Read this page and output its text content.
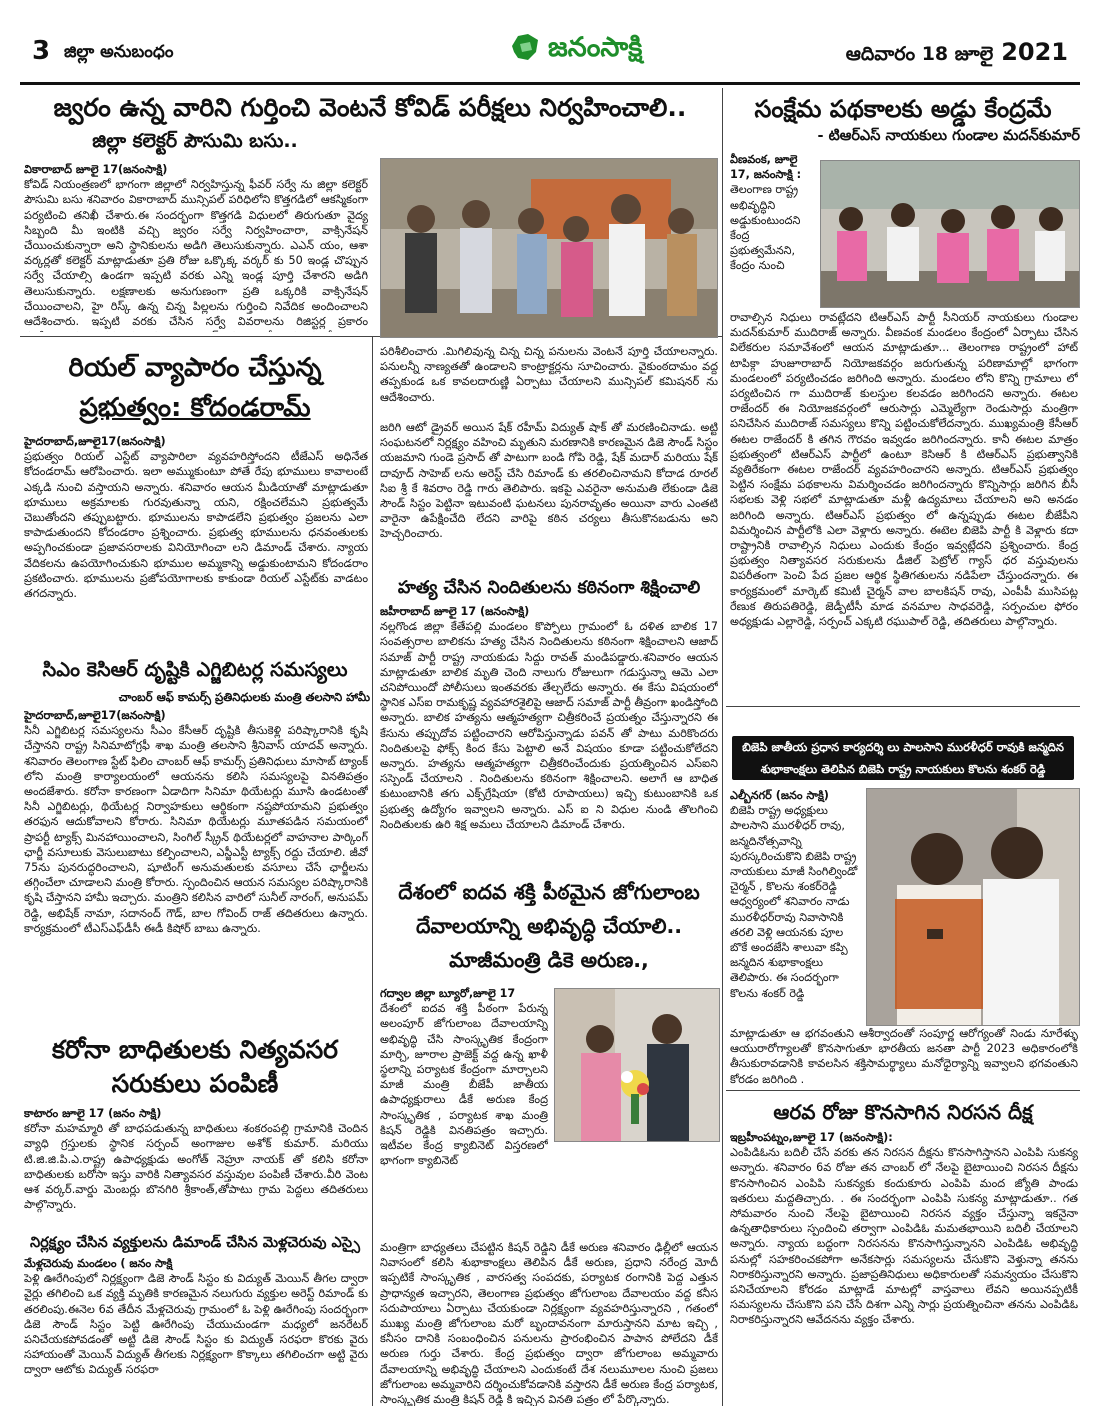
3 జిల్లా అనుబంధం	జనంసాక్షి	ఆదివారం 18 జూలై 2021
జ్వరం ఉన్న వారిని గుర్తించి వెంటనే కోవిడ్ పరీక్షలు నిర్వహించాలి..
జిల్లా కలెక్టర్ పౌసుమి బసు..
వికారాబాద్ జూలై 17(జనంసాక్షి)
కోవిడ్ నియంత్రణలో భాగంగా జిల్లాలో నిర్వహిస్తున్న ఫీవర్ సర్వే ను జిల్లా కలెక్టర్ పౌసుమి బసు శనివారం వికారాబాద్ మున్సిపల్ పరిధిలోని కొత్తగడిలో ఆకస్మికంగా పర్యటించి తనిఖీ చేశారు.ఈ సందర్భంగా కొత్తగడి విధులలో తిరుగుతూ వైద్య సిబ్బంది మీ ఇంటికి వచ్చి జ్వరం సర్వే నిర్వహించారా, వాక్సినేషన్ చేయించుకున్నారా అని స్థానికులను అడిగి తెలుసుకున్నారు. ఎఎన్ యం, ఆశా వర్కర్లతో కలెక్టర్ మాట్లాడుతూ ప్రతి రోజు ఒక్కొక్క వర్కర్ కు 50 ఇండ్ల చొప్పున సర్వే చేయాల్సి ఉండగా ఇప్పటి వరకు ఎన్ని ఇండ్ల పూర్తి చేశారని అడిగి తెలుసుకున్నారు. లక్షణాలకు అనుగుణంగా ప్రతి ఒక్కరికి వాక్సినేషన్ చేయించాలని, హై రిస్క్ ఉన్న చిన్న పిల్లలను గుర్తించి నివేదిక అందించాలని ఆదేశించారు. ఇప్పటి వరకు చేసిన సర్వే వివరాలను రిజిస్టర్ల ప్రకారం
పరిశీలించారు .మిగిలివున్న చిన్న చిన్న పనులను వెంటనే పూర్తి చేయాలన్నారు. పనులన్నీ నాణ్యతతో ఉండాలని కాంట్రాక్టర్లను సూచించారు. వైకుంఠదామం వద్ద తప్పకుండ ఒక కావలదారుణ్ణి ఏర్పాటు చేయాలని మున్సిపల్ కమిషనర్ ను ఆదేశించారు.
రియల్ వ్యాపారం చేస్తున్న
ప్రభుత్వం: కోదండరామ్
హైదరాబాద్,జూలై17(జనంసాక్షి)
ప్రభుత్వం రియల్ ఎస్టేట్ వ్యాపారిలా వ్యవహరిస్తోందని టీజేఎస్ అధినేత కోదండరామ్ ఆరోపించారు. ఇలా అమ్ముకుంటూ పోతే రేపు భూములు కావాలంటే ఎక్కడి నుంచి వస్తాయని అన్నారు. శనివారం ఆయన మీడియాతో మాట్లాడుతూ భూములు అక్రమాలకు గురవుతున్నా యని, రక్షించలేమని ప్రభుత్వమే చెబుతోందని తప్పుబట్టారు. భూములను కాపాడలేని ప్రభుత్వం ప్రజలను ఎలా కాపాడుతుందని కోదండరాం ప్రశ్నించారు. ప్రభుత్వ భూములను ధనవంతులకు అప్పగించకుండా ప్రజావసరాలకు వినియోగించా లని డిమాండ్ చేశారు. న్యాయ వేదికలను ఉపయోగించుకుని భూముల అమ్మకాన్ని అడ్డుకుంటామని కోదండరాం ప్రకటించారు. భూములను ప్రజోపయోగాలకు కాకుండా రియల్ ఎస్టేట్‌కు వాడటం తగదన్నారు.
సిఎం కెసిఆర్ దృష్టికి ఎగ్జిబిటర్ల సమస్యలు
చాంబర్ ఆఫ్ కామర్స్ ప్రతినిధులకు మంత్రి తలసాని హామీ
హైదరాబాద్,జూలై17(జనంసాక్షి)
సినీ ఎగ్జిబిటర్ల సమస్యలను సీఎం కేసీఆర్ దృష్టికి తీసుకెళ్లి పరిష్కారానికి కృషి చేస్తానని రాష్ట్ర సినిమాటోగ్రఫీ శాఖ మంత్రి తలసాని శ్రీనివాస్ యాదవ్ అన్నారు. శనివారం తెలంగాణ స్టేట్ ఫిలిం చాంబర్ ఆఫ్ కామర్స్ ప్రతినిధులు మాసాబ్ ట్యాంక్ లోని మంత్రి కార్యాలయంలో ఆయనను కలిసి సమస్యలపై వినతిపత్రం అందజేశారు. కరోనా కారణంగా ఏడాదిగా సినిమా థియేటర్లు మూసి ఉండటంతో సినీ ఎగ్జిబిటర్లు, థియేటర్ల నిర్వాహకులు ఆర్థికంగా నష్టపోయామని ప్రభుత్వం తరఫున ఆదుకోవాలని కోరారు. సినిమా థియేటర్లు మూతపడిన సమయంలో ప్రాపర్టీ ట్యాక్స్ మినహాయించాలని, సింగిల్ స్క్రీన్ థియేటర్లలో వాహనాల పార్కింగ్ ఛార్జీ వసూలుకు వెసులుబాటు కల్పించాలని, ఎస్జీఎస్టీ ట్యాక్స్ రద్దు చేయాలి. జీవో 75ను పునరుద్ధరించాలని, షూటింగ్ అనుమతులకు వసూలు చేసే ఛార్జీలను తగ్గించేలా చూడాలని మంత్రి కోరారు. స్పందించిన ఆయన సమస్యల పరిష్కారానికి కృషి చేస్తానని హామీ ఇచ్చారు. మంత్రిని కలిసిన వారిలో సునీల్ నారంగ్, అనుపమ్ రెడ్డి, అభిషేక్ నామా, సదానంద్ గౌడ్, బాల గోవింద్ రాజ్ తదితరులు ఉన్నారు. కార్యక్రమంలో టీఎస్ఎఫ్‌డీసీ ఈడీ కిషోర్ బాబు ఉన్నారు.
కరోనా బాధితులకు నిత్యవసర
సరుకులు పంపిణీ
కాటారం జూలై 17 (జనం సాక్షి)
కరోనా మహమ్మారి తో బాధపడుతున్న బాధితులు శంకరంపల్లి గ్రామానికి చెందిన వ్యాధి గ్రస్తులకు స్థానిక సర్పంచ్ అంగాజుల అశోక్ కుమార్. మరియు టి.జి.జి.పి.ఎ.రాష్ట్ర ఉపాధ్యక్షుడు అంగోత్ నెహ్రూ నాయక్ తో కలిసి కరోనా బాధితులకు బరోసా ఇస్తు వారికి నిత్యావసర వస్తువుల పంపిణీ చేశారు.వీరి వెంట ఆశ వర్కర్.వార్డు మెంబర్లు బొనగిరి శ్రీకాంత్,తోపాటు గ్రామ పెద్దలు తదితరులు పాల్గొన్నారు.
నిర్లక్ష్యం చేసిన వ్యక్తులను డిమాండ్ చేసిన మెళ్లచెరువు ఎస్సై
మేళ్లచెరువు మండలం ( జనం సాక్షి
పెళ్లి ఊరేగింపులో నిర్లక్ష్యంగా డిజె సౌండ్ సిస్టం కు విద్యుత్ మెయిన్ తీగల ద్వారా వైర్లు తగిలించి ఒక వ్యక్తి మృతికి కారణమైన నలుగురు వ్యక్తుల అరెస్ట్ రిమాండ్ కు తరలింపు.ఈనెల 6వ తేదీన మేళ్లచెరువు గ్రామంలో ఓ పెళ్లి ఊరేగింపు సందర్భంగా డిజె సౌండ్ సిస్టం పెట్టి ఊరేగింపు చేయుచుండగా మధ్యలో జనరేటర్ పనిచేయకపోవడంతో అట్టి డిజె సౌండ్ సిస్టం కు విద్యుత్ సరఫరా కొరకు వైరు సహాయంతో మెయిన్ విద్యుత్ తీగలకు నిర్లక్ష్యంగా కొక్కాలు తగిలించగా అట్టి వైరు ద్వారా ఆటోకు విద్యుత్ సరఫరా
జరిగి ఆటో డ్రైవర్ అయిన షేక్ రహీమ్ విద్యుత్ షాక్ తో మరణించినాడు. అట్టి సంఘటనలో నిర్లక్ష్యం వహించి మృతుని మరణానికి కారణమైన డిజె సౌండ్ సిస్టం యజమాని గుండె ప్రసాద్ తో పాటుగా బండి గోపి రెడ్డి, షేక్ మదార్ మరియు షేక్ దావూద్ సాహెబ్ లను అరెస్ట్ చేసి రిమాండ్ కు తరలించినామని కోదాడ రూరల్ సిఐ శ్రీ కే శివరాం రెడ్డి గారు తెలిపారు. ఇకపై ఎవరైనా అనుమతి లేకుండా డిజె సౌండ్ సిస్టం పెట్టినా ఇటువంటి ఘటనలు పునరావృతం అయినా వారు ఎంతటి వారైనా ఉపేక్షించేది లేదని వారిపై కఠిన చర్యలు తీసుకొనబడును అని హెచ్చరించారు.
హత్య చేసిన నిందితులను కఠినంగా శిక్షించాలి
జహీరాబాద్ జూలై 17 (జనంసాక్షి)
నల్లగొండ జిల్లా కేతేపల్లి మండలం కొప్పోలు గ్రామంలో ఓ దళిత బాలిక 17 సంవత్సరాల బాలికను హత్య చేసిన నిందితులను కఠినంగా శిక్షించాలని ఆజాద్ సమాజ్ పార్టీ రాష్ట్ర నాయకుడు సిద్దు రావత్ మండిపడ్డారు.శనివారం ఆయన మాట్లాడుతూ బాలిక మృతి చెంది నాలుగు రోజులుగా గడుస్తున్నా ఆమె ఎలా చనిపోయిందో పోలీసులు ఇంతవరకు తేల్చలేదు అన్నారు. ఈ కేసు విషయంలో స్థానిక ఎస్ఐ రామకృష్ణ వ్యవహారశైలిపై ఆజాద్ సమాజ్ పార్టీ తీవ్రంగా ఖండిస్తోంది అన్నారు. బాలిక హత్యను ఆత్మహత్యగా చిత్రీకరించే ప్రయత్నం చేస్తున్నారని ఈ కేసును తప్పుదోవ పట్టించారని ఆరోపిస్తున్నాడు పవన్ తో పాటు మరికొందరు నిందితులపై ఫోక్స్ కింద కేసు పెట్టాలి అనే విషయం కూడా పట్టించుకోలేదని అన్నారు. హత్యను ఆత్మహత్యగా చిత్రీకరించేందుకు ప్రయత్నించిన ఎస్ఐని సస్పెండ్ చేయాలని . నిందితులను కఠినంగా శిక్షించాలని. అలాగే ఆ బాధిత కుటుంబానికి తగు ఎక్స్‌గ్రేషియా (కోటి రూపాయలు) ఇచ్చి కుటుంబానికి ఒక ప్రభుత్వ ఉద్యోగం ఇవ్వాలని అన్నారు. ఎస్ ఐ ని విధుల నుండి తొలగించి నిందితులకు ఉరి శిక్ష అమలు చేయాలని డిమాండ్ చేశారు.
దేశంలో ఐదవ శక్తి పీఠమైన జోగులాంబ
దేవాలయాన్ని అభివృద్ధి చేయాలి..
మాజీమంత్రి డికె అరుణ.,
గద్వాల జిల్లా బ్యూరో,జూలై 17
దేశంలో ఐదవ శక్తి పీఠంగా పేరున్న అలంపూర్ జోగులాంబ దేవాలయాన్ని అభివృద్ధి చేసి సాంస్కృతిక కేంద్రంగా మార్చి, జూరాల ప్రాజెక్ట్ వద్ద ఉన్న ఖాళీ స్థలాన్ని పర్యాటక కేంద్రంగా మార్చాలని మాజీ మంత్రి బీజేపీ జాతీయ ఉపాధ్యక్షురాలు డీకే అరుణ కేంద్ర సాంస్కృతిక , పర్యాటక శాఖ మంత్రి కిషన్ రెడ్డికి వినతిపత్రం ఇచ్చారు. ఇటీవల కేంద్ర క్యాబినెట్ విస్తరణలో భాగంగా క్యాబినెట్
మంత్రిగా బాధ్యతలు చేపట్టిన కిషన్ రెడ్డిని డీకే అరుణ శనివారం ఢిల్లీలో ఆయన నివాసంలో కలిసి శుభాకాంక్షలు తెలిపిన డీకే అరుణ, ప్రధాని నరేంద్ర మోదీ ఇప్పటికే సాంస్కృతిక , వారసత్వ సంపదకు, పర్యాటక రంగానికి పెద్ద ఎత్తున ప్రాధాన్యత ఇచ్చారని, తెలంగాణ ప్రభుత్వం జోగులాంబ దేవాలయం వద్ద కనీస సదుపాయాలు ఏర్పాటు చేయకుండా నిర్లక్ష్యంగా వ్యవహరిస్తున్నారని , గతంలో ముఖ్య మంత్రి జోగులాంబ మరో బృందావనంగా మారుస్తానని మాట ఇచ్చి , కనీసం దానికి సంబంధించిన పనులను ప్రారంభించిన పాపాన పోలేదని డీకే అరుణ గుర్తు చేశారు. కేంద్ర ప్రభుత్వం ద్వారా జోగులాంబ అమ్మవారు దేవాలయాన్ని అభివృద్ధి చేయాలని ఎందుకంటే దేశ నలుమూలల నుంచి ప్రజలు జోగులాంబ అమ్మవారిని దర్శించుకోవడానికి వస్తారని డీకే అరుణ కేంద్ర పర్యాటక, సాంస్కృతిక మంత్రి కిషన్ రెడ్డి కి ఇచ్చిన వినతి పత్రం లో పేర్కొన్నారు.
సంక్షేమ పథకాలకు అడ్డు కేంద్రమే
- టిఆర్ఎస్ నాయకులు గుండాల మదన్‌కుమార్
వీణవంక, జూలై 17, జనంసాక్షి :
తెలంగాణ రాష్ట్ర అభివృద్ధిని అడ్డుకుంటుందని కేంద్ర ప్రభుత్వమేనని, కేంద్రం నుంచి
రావాల్సిన నిధులు రావట్లేదని టిఆర్ఎస్ పార్టీ సీనియర్ నాయకులు గుండాల మదన్‌కుమార్ ముదిరాజ్ అన్నారు. వీణవంక మండలం కేంద్రంలో ఏర్పాటు చేసిన విలేకరుల సమావేశంలో ఆయన మాట్లాడుతూ... తెలంగాణ రాష్ట్రంలో హాట్ టాపిక్గా హుజూరాబాద్ నియోజకవర్గం జరుగుతున్న పరిణామాల్లో భాగంగా మండలంలో పర్యటించడం జరిగింది అన్నారు. మండలం లోని కొన్ని గ్రామాలు లో పర్యటించిన గా ముదిరాజ్ కులస్తుల కలవడం జరిగిందని అన్నారు. ఈటల రాజేందర్ ఈ నియోజకవర్గంలో ఆరుసార్లు ఎమ్మెల్యేగా రెండుసార్లు మంత్రిగా పనిచేసిన ముదిరాజ్ సమస్యలు కొన్ని పట్టించుకోలేదన్నారు. ముఖ్యమంత్రి కేసీఆర్ ఈటల రాజేందర్ కి తగిన గౌరవం ఇవ్వడం జరిగిందన్నారు. కానీ ఈటల మాత్రం ప్రభుత్వంలో టిఆర్ఎస్ పార్టీలో ఉంటూ కెసిఆర్ కి టిఆర్ఎస్ ప్రభుత్వానికి వ్యతిరేకంగా ఈటల రాజేందర్ వ్యవహరించారని అన్నారు. టిఆర్ఎస్ ప్రభుత్వం పెట్టిన సంక్షేమ పథకాలను విమర్శించడం జరిగిందన్నారు కొన్నిసార్లు జరిగిన బీసీ సభలకు వెళ్లి సభలో మాట్లాడుతూ మళ్లీ ఉద్యమాలు చేయాలని అని అనడం జరిగింది అన్నారు. టిఆర్ఎస్ ప్రభుత్వం లో ఉన్నప్పుడు ఈటల బీజేపీని విమర్శించిన పార్టీలోకి ఎలా వెళ్లారు అన్నారు. ఈటెల బిజెపి పార్టీ కి వెళ్లారు కదా రాష్ట్రానికి రావాల్సిన నిధులు ఎందుకు కేంద్రం ఇవ్వట్లేదని ప్రశ్నించారు. కేంద్ర ప్రభుత్వం నిత్యావసర సరుకులను డీజిల్ పెట్రోల్ గ్యాస్ ధర వస్తువులను విపరీతంగా పెంచి పేద ప్రజల ఆర్థిక స్థితిగతులను నడిపేలా చేస్తుందన్నారు. ఈ కార్యక్రమంలో మార్కెట్ కమిటీ చైర్మన్ వాల బాలకిషన్ రావు, ఎంపీపీ ముసిపట్ల రేణుక తిరుపతిరెడ్డి, జెడ్పీటీసీ మాడ వనమాల సాధవరెడ్డి, సర్పంచుల ఫోరం అధ్యక్షుడు ఎల్లారెడ్డి, సర్పంచ్ ఎక్కటి రఘుపాల్ రెడ్డి, తదితరులు పాల్గొన్నారు.
బిజెపి జాతీయ ప్రధాన కార్యదర్శి లు పాలసాని మురళీధర్ రావుకి జన్మదిన
శుభాకాంక్షలు తెలిపిన బిజెపి రాష్ట్ర నాయకులు కొలను శంకర్ రెడ్డి
ఎల్బీనగర్ (జనం సాక్షి)
బిజెపి రాష్ట్ర అధ్యక్షులు పాలసాని మురళీధర్ రావు, జన్మదినోత్సవాన్ని పురస్కరించుకొని బిజెపి రాష్ట్ర నాయకులు మాజీ సింగిల్విండో చైర్మన్ , కొలను శంకర్‌రెడ్డి ఆధ్వర్యంలో శనివారం నాడు మురళీధర్‌రావు నివాసానికి తరలి వెళ్లి ఆయనకు పూల బొకే అందజేసి శాలువా కప్పి జన్మదిన శుభాకాంక్షలు తెలిపారు. ఈ సందర్భంగా కొలను శంకర్ రెడ్డి
మాట్లాడుతూ ఆ భగవంతుని ఆశీర్వాదంతో సంపూర్ణ ఆరోగ్యంతో నిండు నూరేళ్ళు ఆయురారోగ్యాలతో కొనసాగుతూ భారతీయ జనతా పార్టీ 2023 అధికారంలోకి తీసుకురావడానికి కావలసిన శక్తిసామర్థ్యాలు మనోధైర్యాన్ని ఇవ్వాలని భగవంతుని కోరడం జరిగింది .
ఆరవ రోజు కొనసాగిన నిరసన దీక్ష
ఇబ్రహీంపట్నం,జూలై 17 (జనంసాక్షి):
ఎంపిడిఓను బదిలీ చేసే వరకు తన నిరసన దీక్షను కొనసాగిస్తానని ఎంపిపి సుకన్య అన్నారు. శనివారం 6వ రోజు తన చాంబర్ లో నేలపై బైటాయించి నిరసన దీక్షను కొనసాగించిన ఎంపిపి సుకన్యకు కందుకూరు ఎంపిపి మంద జ్యోతి పాండు ఇతరులు మద్దతిచ్చారు. . ఈ సందర్భంగా ఎంపిపి సుకన్య మాట్లాడుతూ.. గత సోమవారం నుంచి నేలపై బైటాయించి నిరసన వ్యక్తం చేస్తున్నా ఇకనైనా ఉన్నతాధికారులు స్పందించి తర్వాగా ఎంపిడిఓ మమతభాయిని బదిలీ చేయాలని అన్నారు. న్యాయ బద్ధంగా నిరసనను కొనసాగిస్తున్నానని ఎంపిడిఓ అభివృద్ధి పనుల్లో సహకరించకపోగా అనేకసార్లు సమస్యలను చేసుకొని వెళ్తున్నా తనను నిరాకరిస్తున్నారని అన్నారు. ప్రజాప్రతినిధులు అధికారులతో సమన్వయం చేసుకొని పనిచేయాలని కోరడం మాట్లాడే మాటల్లో వాస్తవాలు లేవని అయినప్పటికీ సమస్యలను చేసుకొని పని చేసే దిశగా ఎన్ని సార్లు ప్రయత్నించినా తనను ఎంపిడిఓ నిరాకరిస్తున్నారని ఆవేదనను వ్యక్తం చేశారు.
